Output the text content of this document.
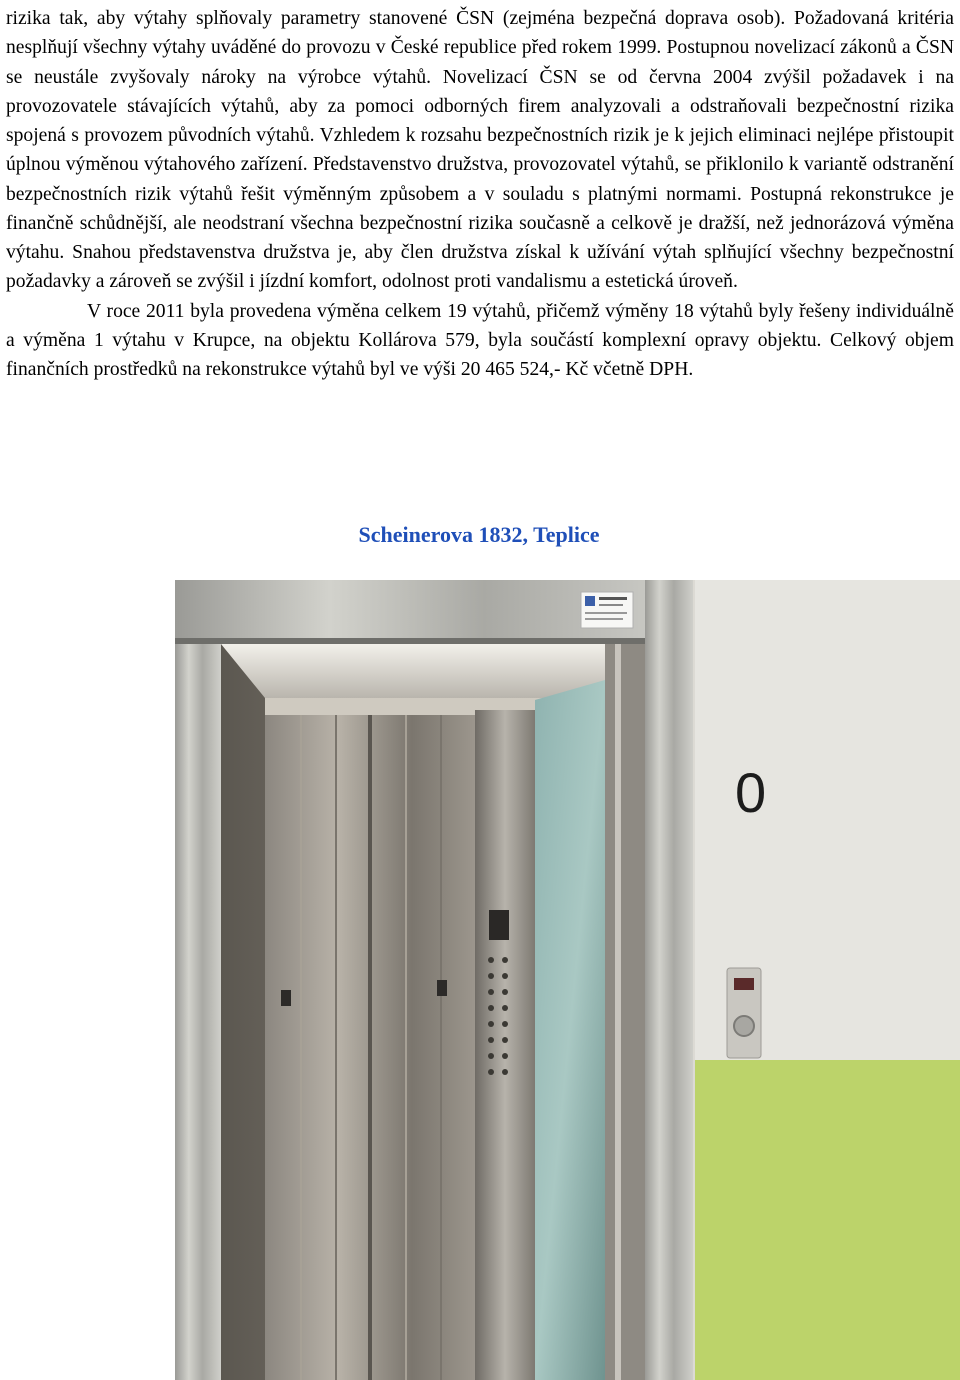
rizika tak, aby výtahy splňovaly parametry stanovené ČSN (zejména bezpečná doprava osob). Požadovaná kritéria nesplňují všechny výtahy uváděné do provozu v České republice před rokem 1999. Postupnou novelizací zákonů a ČSN se neustále zvyšovaly nároky na výrobce výtahů. Novelizací ČSN se od června 2004 zvýšil požadavek i na provozovatele stávajících výtahů, aby za pomoci odborných firem analyzovali a odstraňovali bezpečnostní rizika spojená s provozem původních výtahů. Vzhledem k rozsahu bezpečnostních rizik je k jejich eliminaci nejlépe přistoupit úplnou výměnou výtahového zařízení. Představenstvo družstva, provozovatel výtahů, se přiklonilo k variantě odstranění bezpečnostních rizik výtahů řešit výměnným způsobem a v souladu s platnými normami. Postupná rekonstrukce je finančně schůdnější, ale neodstraní všechna bezpečnostní rizika současně a celkově je dražší, než jednorázová výměna výtahu. Snahou představenstva družstva je, aby člen družstva získal k užívání výtah splňující všechny bezpečnostní požadavky a zároveň se zvýšil i jízdní komfort, odolnost proti vandalismu a estetická úroveň.

V roce 2011 byla provedena výměna celkem 19 výtahů, přičemž výměny 18 výtahů byly řešeny individuálně a výměna 1 výtahu v Krupce, na objektu Kollárova 579, byla součástí komplexní opravy objektu. Celkový objem finančních prostředků na rekonstrukce výtahů byl ve výši 20 465 524,- Kč včetně DPH.

Scheinerova 1832, Teplice
0
